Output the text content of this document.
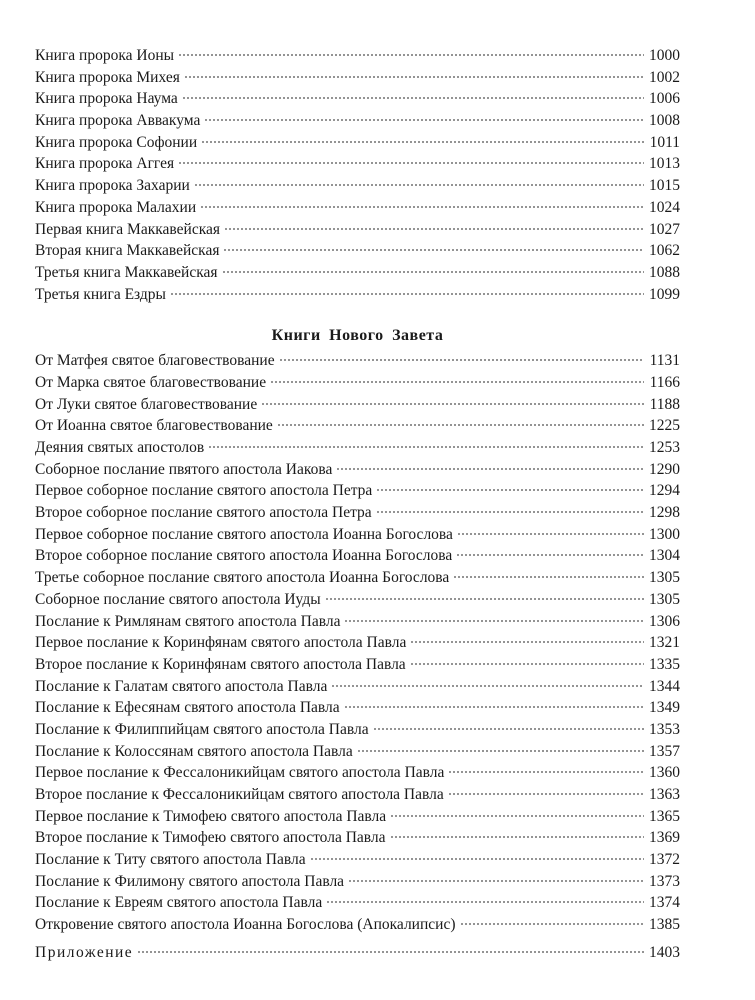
Книга пророка Ионы	1000
Книга пророка Михея	1002
Книга пророка Наума	1006
Книга пророка Аввакума	1008
Книга пророка Софонии	1011
Книга пророка Аггея	1013
Книга пророка Захарии	1015
Книга пророка Малахии	1024
Первая книга Маккавейская	1027
Вторая книга Маккавейская	1062
Третья книга Маккавейская	1088
Третья книга Ездры	1099
Книги Нового Завета
От Матфея святое благовествование	1131
От Марка святое благовествование	1166
От Луки святое благовествование	1188
От Иоанна святое благовествование	1225
Деяния святых апостолов	1253
Соборное послание пвятого апостола Иакова	1290
Первое соборное послание святого апостола Петра	1294
Второе соборное послание святого апостола Петра	1298
Первое соборное послание святого апостола Иоанна Богослова	1300
Второе соборное послание святого апостола Иоанна Богослова	1304
Третье соборное послание святого апостола Иоанна Богослова	1305
Соборное послание святого апостола Иуды	1305
Послание к Римлянам святого апостола Павла	1306
Первое послание к Коринфянам святого апостола Павла	1321
Второе послание к Коринфянам святого апостола Павла	1335
Послание к Галатам святого апостола Павла	1344
Послание к Ефесянам святого апостола Павла	1349
Послание к Филиппийцам святого апостола Павла	1353
Послание к Колоссянам святого апостола Павла	1357
Первое послание к Фессалоникийцам святого апостола Павла	1360
Второе послание к Фессалоникийцам святого апостола Павла	1363
Первое послание к Тимофею святого апостола Павла	1365
Второе послание к Тимофею святого апостола Павла	1369
Послание к Титу святого апостола Павла	1372
Послание к Филимону святого апостола Павла	1373
Послание к Евреям святого апостола Павла	1374
Откровение святого апостола Иоанна Богослова (Апокалипсис)	1385
Приложение	1403
